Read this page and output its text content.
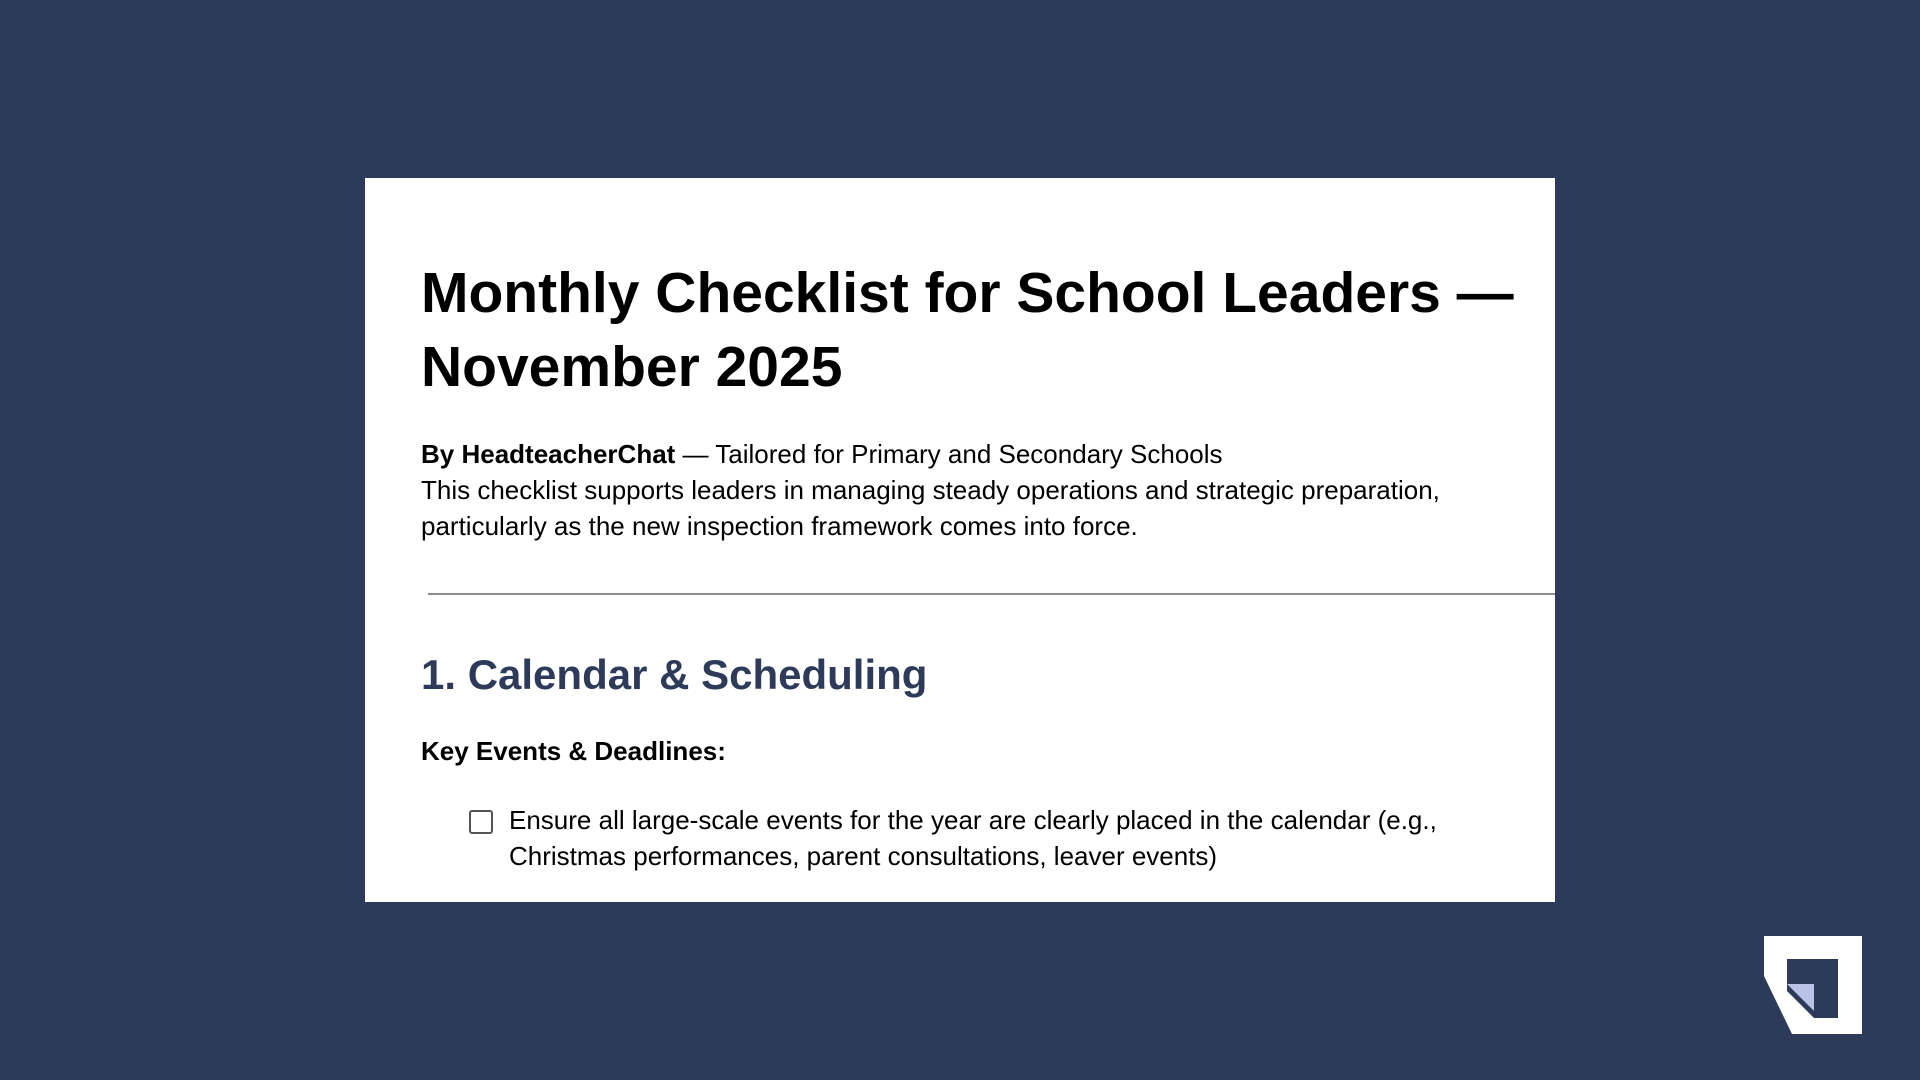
Monthly Checklist for School Leaders — November 2025
By HeadteacherChat — Tailored for Primary and Secondary Schools
This checklist supports leaders in managing steady operations and strategic preparation, particularly as the new inspection framework comes into force.
1. Calendar & Scheduling
Key Events & Deadlines:
Ensure all large-scale events for the year are clearly placed in the calendar (e.g., Christmas performances, parent consultations, leaver events)
